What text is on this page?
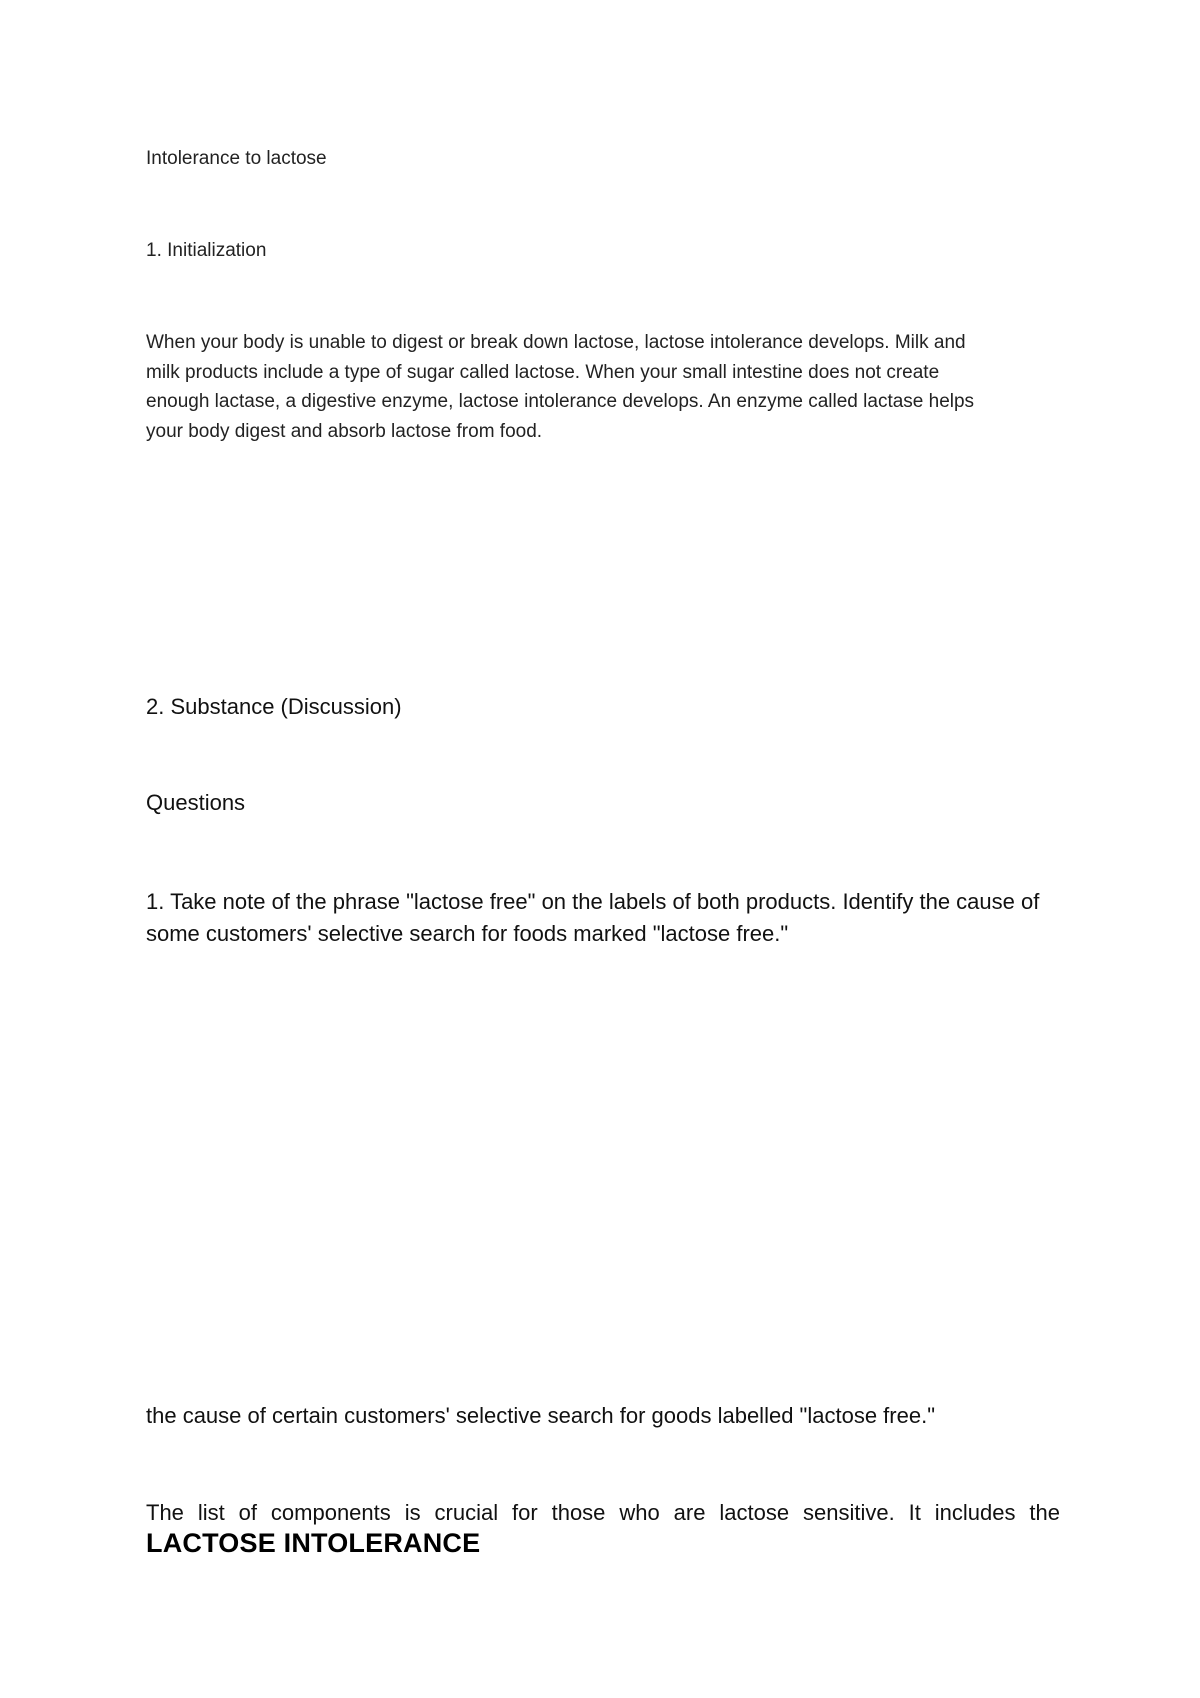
Intolerance to lactose

1. Initialization

When your body is unable to digest or break down lactose, lactose intolerance develops. Milk and
milk products include a type of sugar called lactose. When your small intestine does not create
enough lactase, a digestive enzyme, lactose intolerance develops. An enzyme called lactase helps
your body digest and absorb lactose from food.

2. Substance (Discussion)

Questions

1. Take note of the phrase "lactose free" on the labels of both products. Identify the cause of
some customers' selective search for foods marked "lactose free."

the cause of certain customers' selective search for goods labelled "lactose free."

The list of components is crucial for those who are lactose sensitive. It includes the

LACTOSE INTOLERANCE
